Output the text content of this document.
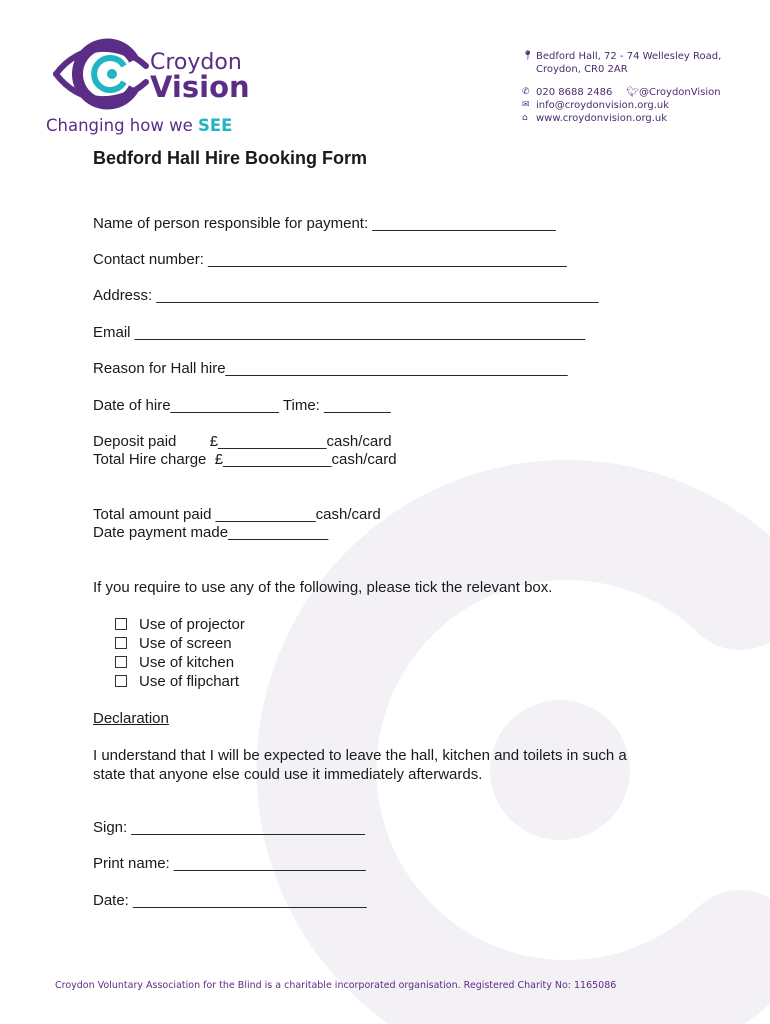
Croydon
Vision
Changing how we SEE
📍︎ Bedford Hall, 72 - 74 Wellesley Road,
Croydon, CR0 2AR
✆ 020 8688 2486 🐦︎ @CroydonVision
✉ info@croydonvision.org.uk
⌂ www.croydonvision.org.uk
Bedford Hall Hire Booking Form
Name of person responsible for payment: ______________________
Contact number: ___________________________________________
Address: _____________________________________________________
Email ______________________________________________________
Reason for Hall hire_________________________________________
Date of hire_____________ Time: ________
Deposit paid        £_____________cash/card
Total Hire charge  £_____________cash/card
Total amount paid ____________cash/card
Date payment made____________
If you require to use any of the following, please tick the relevant box.
Use of projector
Use of screen
Use of kitchen
Use of flipchart
Declaration
I understand that I will be expected to leave the hall, kitchen and toilets in such a state that anyone else could use it immediately afterwards.
Sign: ____________________________
Print name: _______________________
Date: ____________________________
Croydon Voluntary Association for the Blind is a charitable incorporated organisation. Registered Charity No: 1165086
